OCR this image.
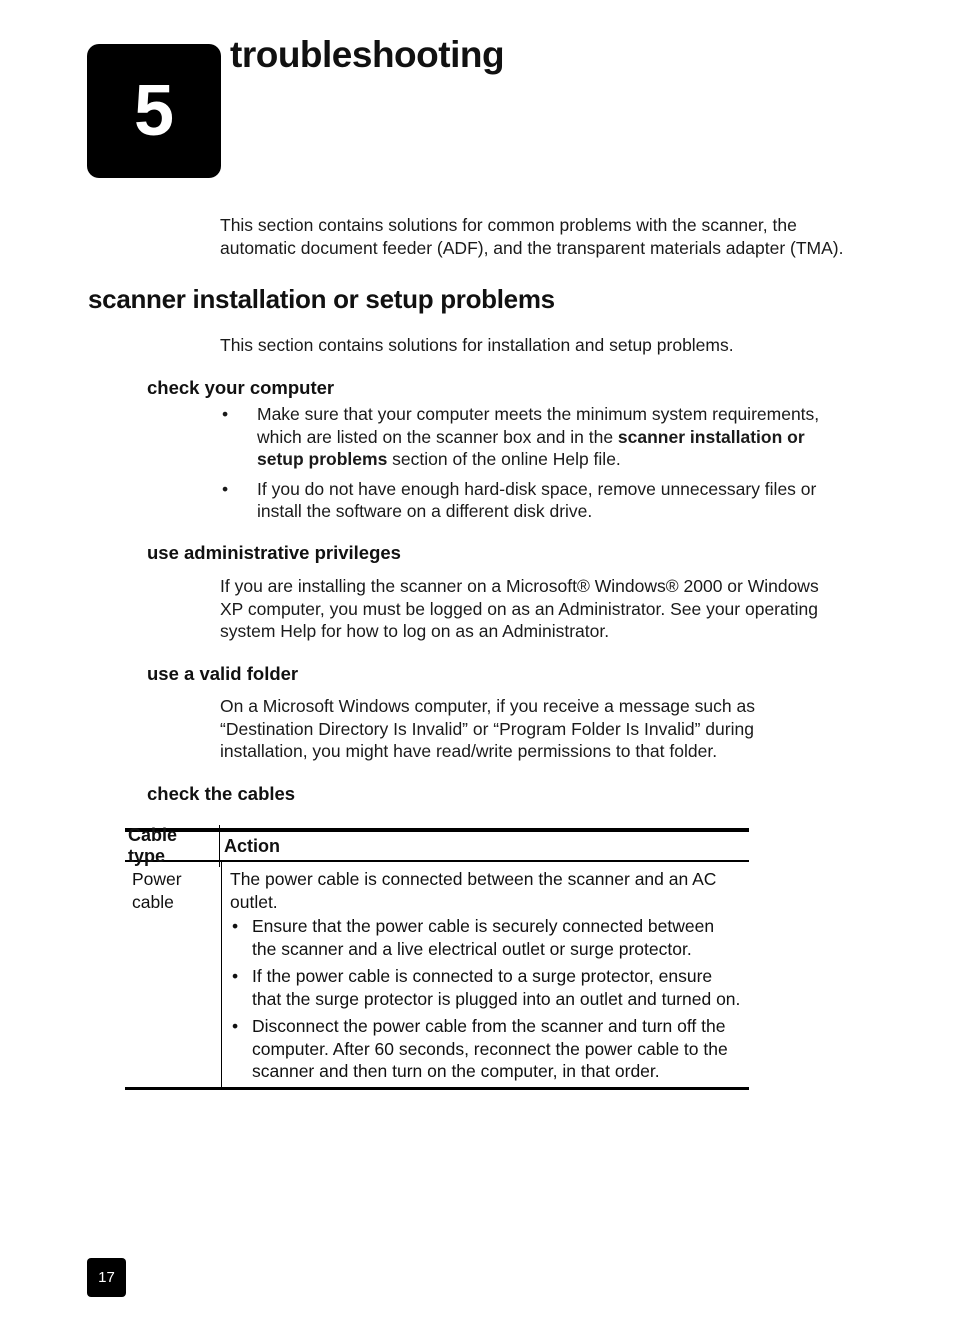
5
troubleshooting

This section contains solutions for common problems with the scanner, the automatic document feeder (ADF), and the transparent materials adapter (TMA).

scanner installation or setup problems

This section contains solutions for installation and setup problems.

check your computer
• Make sure that your computer meets the minimum system requirements, which are listed on the scanner box and in the scanner installation or setup problems section of the online Help file.
• If you do not have enough hard-disk space, remove unnecessary files or install the software on a different disk drive.
use administrative privileges

If you are installing the scanner on a Microsoft® Windows® 2000 or Windows XP computer, you must be logged on as an Administrator. See your operating system Help for how to log on as an Administrator.

use a valid folder

On a Microsoft Windows computer, if you receive a message such as “Destination Directory Is Invalid” or “Program Folder Is Invalid” during installation, you might have read/write permissions to that folder.

check the cables
Cable type
Action
Power cable

The power cable is connected between the scanner and an AC outlet.

• Ensure that the power cable is securely connected between the scanner and a live electrical outlet or surge protector.
• If the power cable is connected to a surge protector, ensure that the surge protector is plugged into an outlet and turned on.
• Disconnect the power cable from the scanner and turn off the computer. After 60 seconds, reconnect the power cable to the scanner and then turn on the computer, in that order.
17
